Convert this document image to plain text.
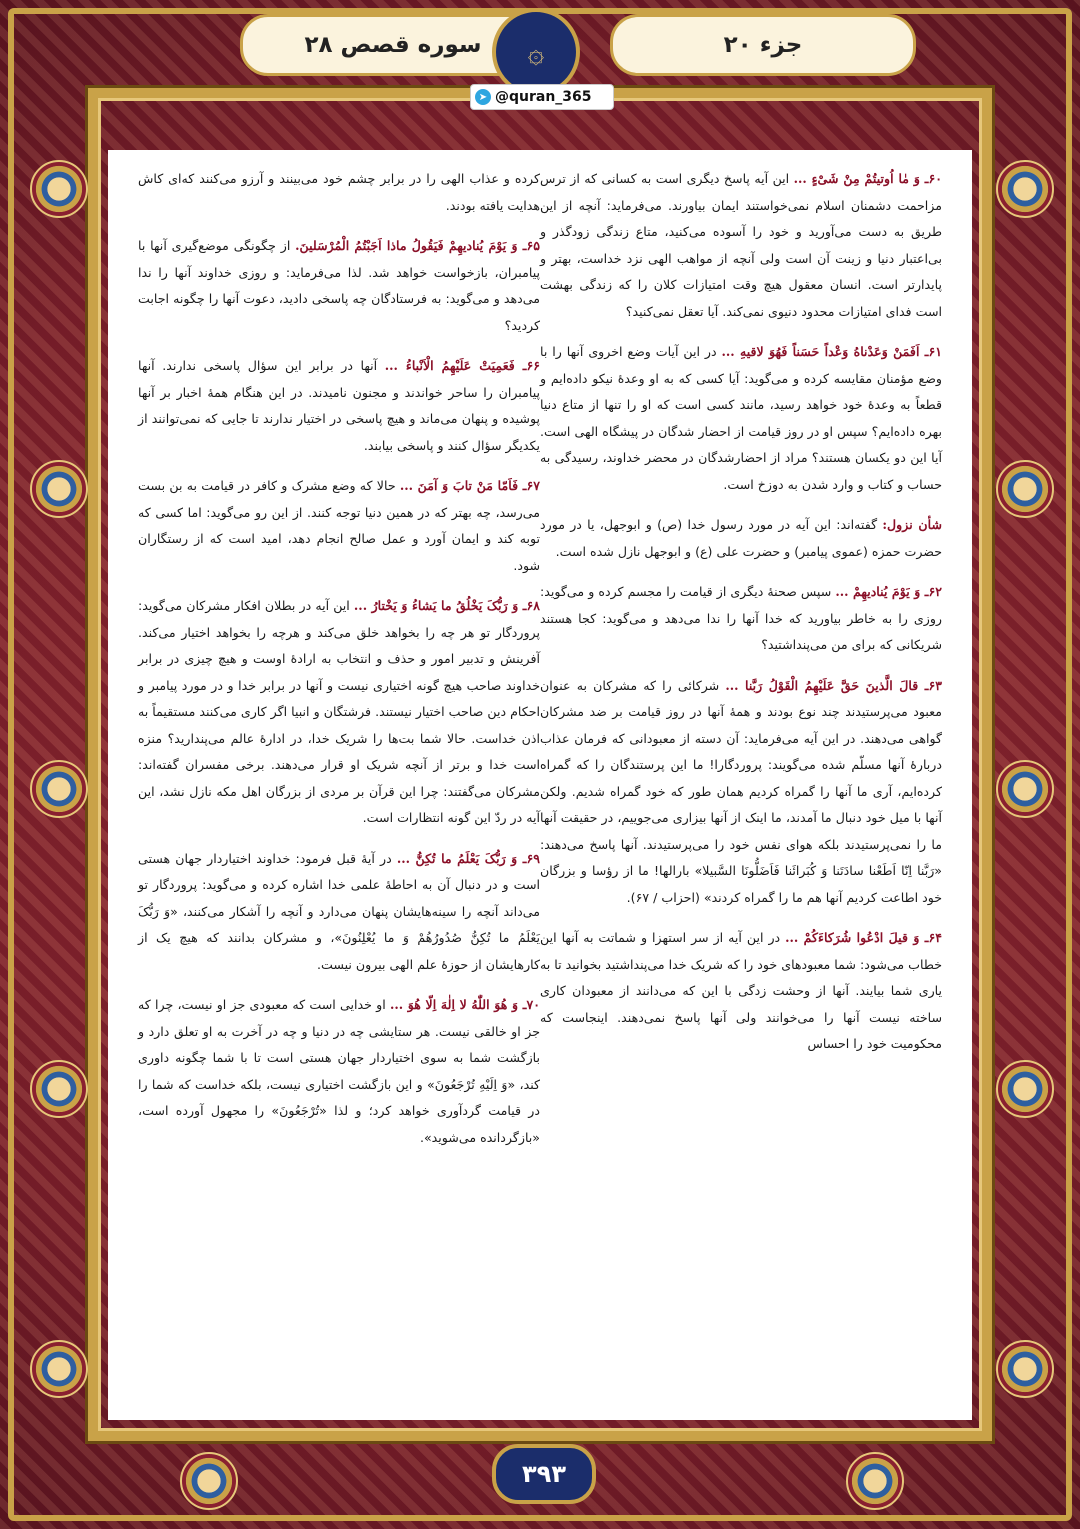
جزء ۲۰
سوره قصص ۲۸	۞
➤ @quran_365

۶۰ـ وَ مٰا اُوتیتُمْ مِنْ شَیْءٍ ... این آیه پاسخ دیگری است به کسانی که از ترس مزاحمت دشمنان اسلام نمی‌خواستند ایمان بیاورند. می‌فرماید: آنچه از این طریق به دست می‌آورید و خود را آسوده می‌کنید، متاع زندگی زودگذر و بی‌اعتبار دنیا و زینت آن است ولی آنچه از مواهب الهی نزد خداست، بهتر و پایدارتر است. انسان معقول هیچ وقت امتیازات کلان را که زندگی بهشت است فدای امتیازات محدود دنیوی نمی‌کند. آیا تعقل نمی‌کنید؟

۶۱ـ اَفَمَنْ وَعَدْناهُ وَعْداً حَسَناً فَهُوَ لاقیهِ ... در این آیات وضع اخروی آنها را با وضع مؤمنان مقایسه کرده و می‌گوید: آیا کسی که به او وعدهٔ نیکو داده‌ایم و قطعاً به وعدهٔ خود خواهد رسید، مانند کسی است که او را تنها از متاع دنیا بهره داده‌ایم؟ سپس او در روز قیامت از احضار شدگان در پیشگاه الهی است. آیا این دو یکسان هستند؟ مراد از احضارشدگان در محضر خداوند، رسیدگی به حساب و کتاب و وارد شدن به دوزخ است.

شأن نزول: گفته‌اند: این آیه در مورد رسول خدا (ص) و ابوجهل، یا در مورد حضرت حمزه (عموی پیامبر) و حضرت علی (ع) و ابوجهل نازل شده است.

۶۲ـ وَ یَوْمَ یُنادیهِمْ ... سپس صحنهٔ دیگری از قیامت را مجسم کرده و می‌گوید: روزی را به خاطر بیاورید که خدا آنها را ندا می‌دهد و می‌گوید: کجا هستند شریکانی که برای من می‌پنداشتید؟

۶۳ـ قالَ الَّذینَ حَقَّ عَلَیْهِمُ الْقَوْلُ رَبَّنا ... شرکائی را که مشرکان به عنوان معبود می‌پرستیدند چند نوع بودند و همهٔ آنها در روز قیامت بر ضد مشرکان گواهی می‌دهند. در این آیه می‌فرماید: آن دسته از معبودانی که فرمان عذاب دربارهٔ آنها مسلّم شده می‌گویند: پروردگارا! ما این پرستندگان را که گمراه کرده‌ایم، آری ما آنها را گمراه کردیم همان طور که خود گمراه شدیم. ولکن آنها با میل خود دنبال ما آمدند، ما اینک از آنها بیزاری می‌جوییم، در حقیقت آنها ما را نمی‌پرستیدند بلکه هوای نفس خود را می‌پرستیدند. آنها پاسخ می‌دهند: «رَبَّنا اِنّا اَطَعْنا سادَتَنا وَ کُبَرائَنا فَاَضَلُّونَا السَّبیلا» بارالها! ما از رؤسا و بزرگان خود اطاعت کردیم آنها هم ما را گمراه کردند» (احزاب / ۶۷).

۶۴ـ وَ قیلَ ادْعُوا شُرَکاءَکُمْ ... در این آیه از سر استهزا و شماتت به آنها این خطاب می‌شود: شما معبودهای خود را که شریک خدا می‌پنداشتید بخوانید تا به یاری شما بیایند. آنها از وحشت زدگی با این که می‌دانند از معبودان کاری ساخته نیست آنها را می‌خوانند ولی آنها پاسخ نمی‌دهند. اینجاست که محکومیت خود را احساس

کرده و عذاب الهی را در برابر چشم خود می‌بینند و آرزو می‌کنند که‌ای کاش هدایت یافته بودند.

۶۵ـ وَ یَوْمَ یُنادیهِمْ فَیَقُولُ ماذا اَجَبْتُمُ الْمُرْسَلینَ. از چگونگی موضع‌گیری آنها با پیامبران، بازخواست خواهد شد. لذا می‌فرماید: و روزی خداوند آنها را ندا می‌دهد و می‌گوید: به فرستادگان چه پاسخی دادید، دعوت آنها را چگونه اجابت کردید؟

۶۶ـ فَعَمِیَتْ عَلَیْهِمُ الْاَنْباءُ ... آنها در برابر این سؤال پاسخی ندارند. آنها پیامبران را ساحر خواندند و مجنون نامیدند. در این هنگام همهٔ اخبار بر آنها پوشیده و پنهان می‌ماند و هیچ پاسخی در اختیار ندارند تا جایی که نمی‌توانند از یکدیگر سؤال کنند و پاسخی بیابند.

۶۷ـ فَاَمّا مَنْ تابَ وَ آمَنَ ... حالا که وضع مشرک و کافر در قیامت به بن بست می‌رسد، چه بهتر که در همین دنیا توجه کنند. از این رو می‌گوید: اما کسی که توبه کند و ایمان آورد و عمل صالح انجام دهد، امید است که از رستگاران شود.

۶۸ـ وَ رَبُّکَ یَخْلُقُ ما یَشاءُ وَ یَخْتارُ ... این آیه در بطلان افکار مشرکان می‌گوید: پروردگار تو هر چه را بخواهد خلق می‌کند و هرچه را بخواهد اختیار می‌کند. آفرینش و تدبیر امور و حذف و انتخاب به ارادهٔ اوست و هیچ چیزی در برابر خداوند صاحب هیچ گونه اختیاری نیست و آنها در برابر خدا و در مورد پیامبر و احکام دین صاحب اختیار نیستند. فرشتگان و انبیا اگر کاری می‌کنند مستقیماً به اذن خداست. حالا شما بت‌ها را شریک خدا، در ادارهٔ عالم می‌پندارید؟ منزه است خدا و برتر از آنچه شریک او قرار می‌دهند. برخی مفسران گفته‌اند: مشرکان می‌گفتند: چرا این قرآن بر مردی از بزرگان اهل مکه نازل نشد، این آیه در ردّ این گونه انتظارات است.

۶۹ـ وَ رَبُّکَ یَعْلَمُ ما تُکِنُّ ... در آیهٔ قبل فرمود: خداوند اختیاردار جهان هستی است و در دنبال آن به احاطهٔ علمی خدا اشاره کرده و می‌گوید: پروردگار تو می‌داند آنچه را سینه‌هایشان پنهان می‌دارد و آنچه را آشکار می‌کنند، «وَ رَبُّکَ یَعْلَمُ ما تُکِنُّ صُدُورُهُمْ وَ ما یُعْلِنُونَ»، و مشرکان بدانند که هیچ یک از کارهایشان از حوزهٔ علم الهی بیرون نیست.

۷۰ـ وَ هُوَ اللّٰهُ لا اِلٰهَ اِلّا هُوَ ... او خدایی است که معبودی جز او نیست، چرا که جز او خالقی نیست. هر ستایشی چه در دنیا و چه در آخرت به او تعلق دارد و بازگشت شما به سوی اختیاردار جهان هستی است تا با شما چگونه داوری کند، «وَ اِلَیْهِ تُرْجَعُونَ» و این بازگشت اختیاری نیست، بلکه خداست که شما را در قیامت گردآوری خواهد کرد؛ و لذا «تُرْجَعُونَ» را مجهول آورده است، «بازگردانده می‌شوید».

۳۹۳
